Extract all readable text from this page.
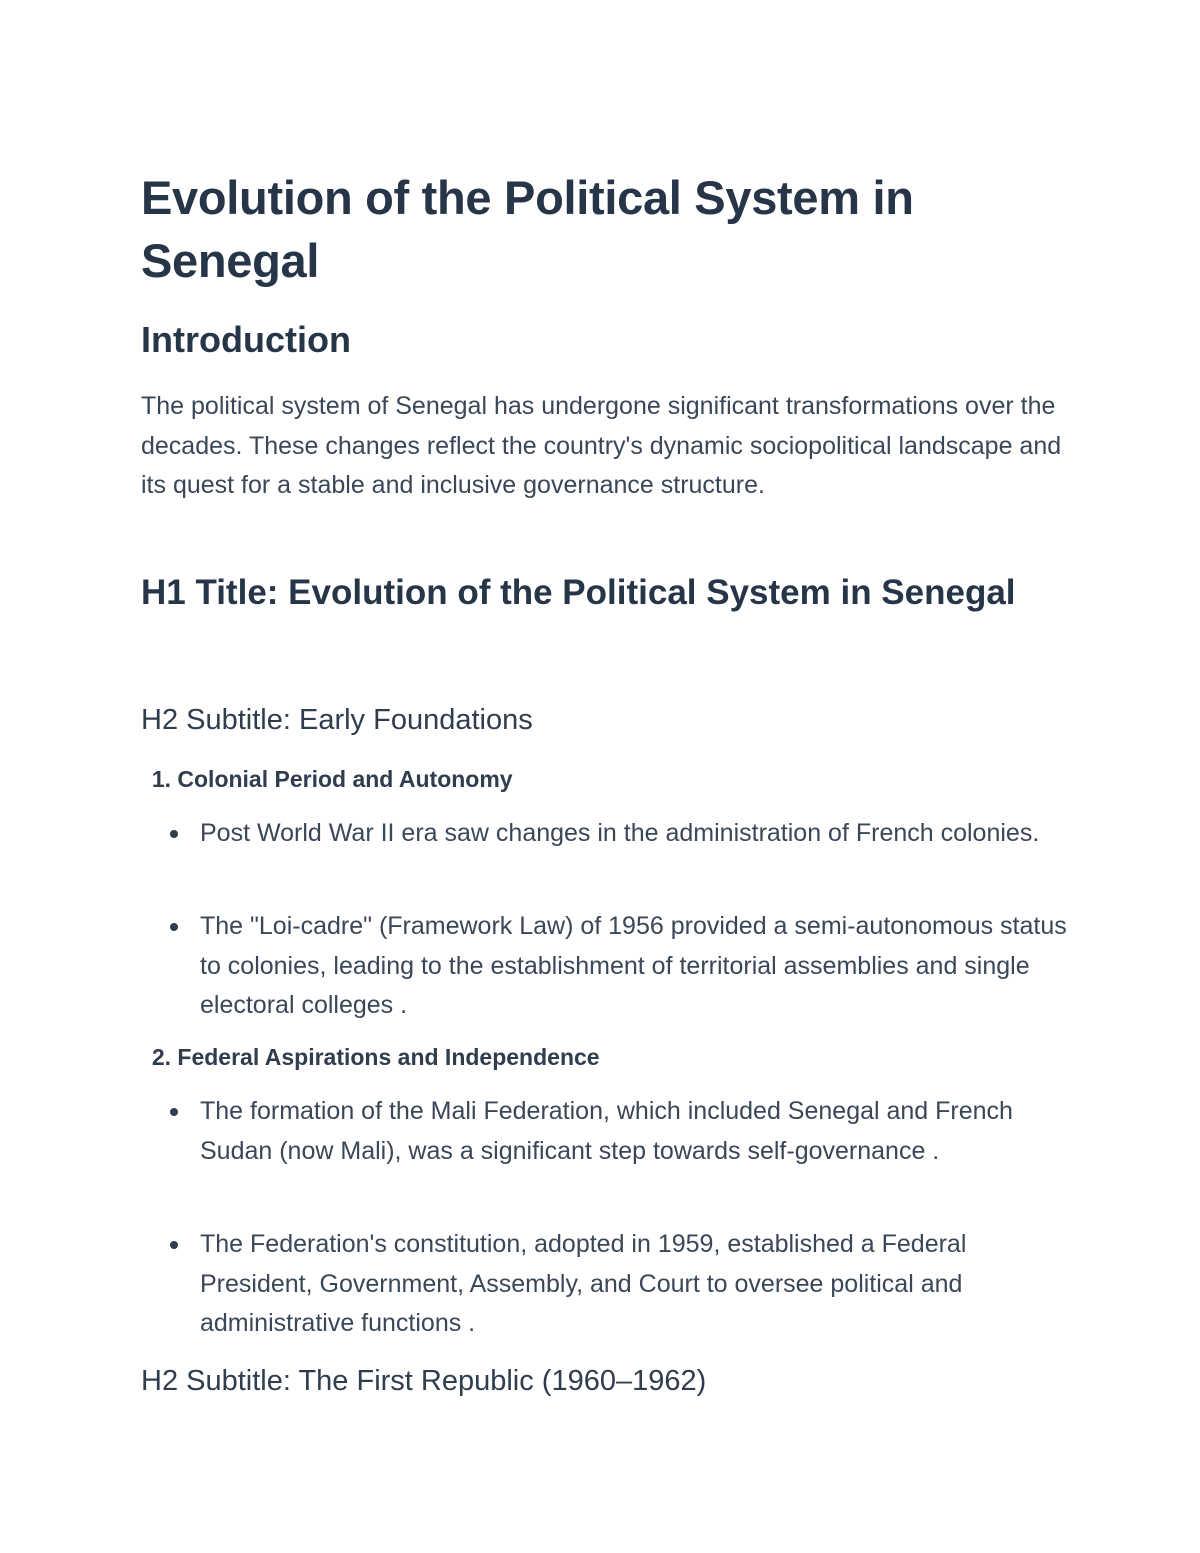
Evolution of the Political System in Senegal
Introduction

The political system of Senegal has undergone significant transformations over the decades. These changes reflect the country's dynamic sociopolitical landscape and its quest for a stable and inclusive governance structure.

H1 Title: Evolution of the Political System in Senegal
H2 Subtitle: Early Foundations
1. Colonial Period and Autonomy
Post World War II era saw changes in the administration of French colonies.
The "Loi-cadre" (Framework Law) of 1956 provided a semi-autonomous status to colonies, leading to the establishment of territorial assemblies and single electoral colleges .
2. Federal Aspirations and Independence
The formation of the Mali Federation, which included Senegal and French Sudan (now Mali), was a significant step towards self-governance .
The Federation's constitution, adopted in 1959, established a Federal President, Government, Assembly, and Court to oversee political and administrative functions .
H2 Subtitle: The First Republic (1960–1962)
